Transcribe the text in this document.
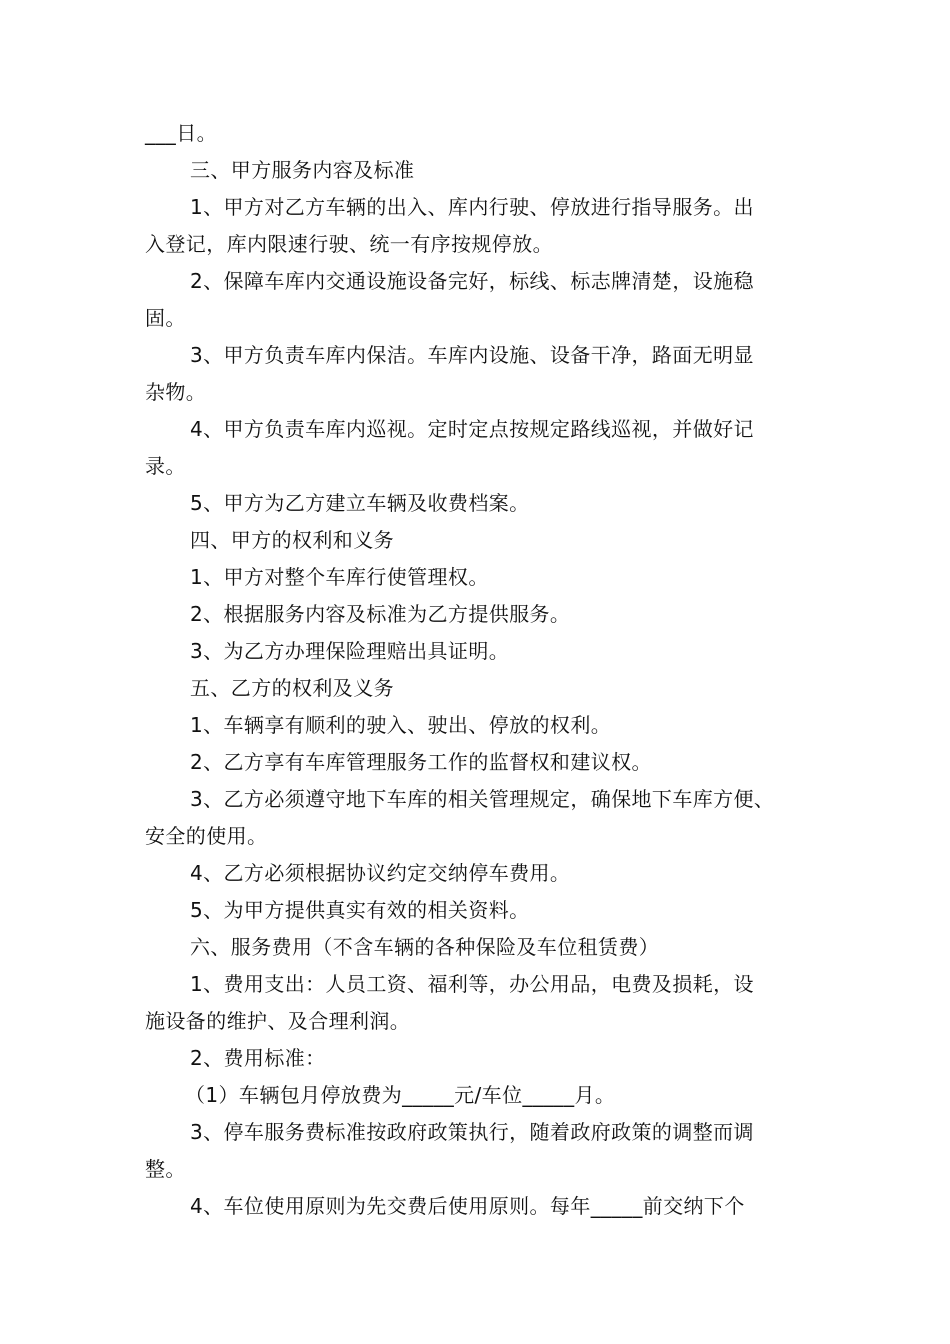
___日。
三、甲方服务内容及标准
1、甲方对乙方车辆的出入、库内行驶、停放进行指导服务。出
入登记，库内限速行驶、统一有序按规停放。
2、保障车库内交通设施设备完好，标线、标志牌清楚，设施稳
固。
3、甲方负责车库内保洁。车库内设施、设备干净，路面无明显
杂物。
4、甲方负责车库内巡视。定时定点按规定路线巡视，并做好记
录。
5、甲方为乙方建立车辆及收费档案。
四、甲方的权利和义务
1、甲方对整个车库行使管理权。
2、根据服务内容及标准为乙方提供服务。
3、为乙方办理保险理赔出具证明。
五、乙方的权利及义务
1、车辆享有顺利的驶入、驶出、停放的权利。
2、乙方享有车库管理服务工作的监督权和建议权。
3、乙方必须遵守地下车库的相关管理规定，确保地下车库方便、
安全的使用。
4、乙方必须根据协议约定交纳停车费用。
5、为甲方提供真实有效的相关资料。
六、服务费用（不含车辆的各种保险及车位租赁费）
1、费用支出：人员工资、福利等，办公用品，电费及损耗，设
施设备的维护、及合理利润。
2、费用标准：
（1）车辆包月停放费为_____元/车位_____月。
3、停车服务费标准按政府政策执行，随着政府政策的调整而调
整。
4、车位使用原则为先交费后使用原则。每年_____前交纳下个
